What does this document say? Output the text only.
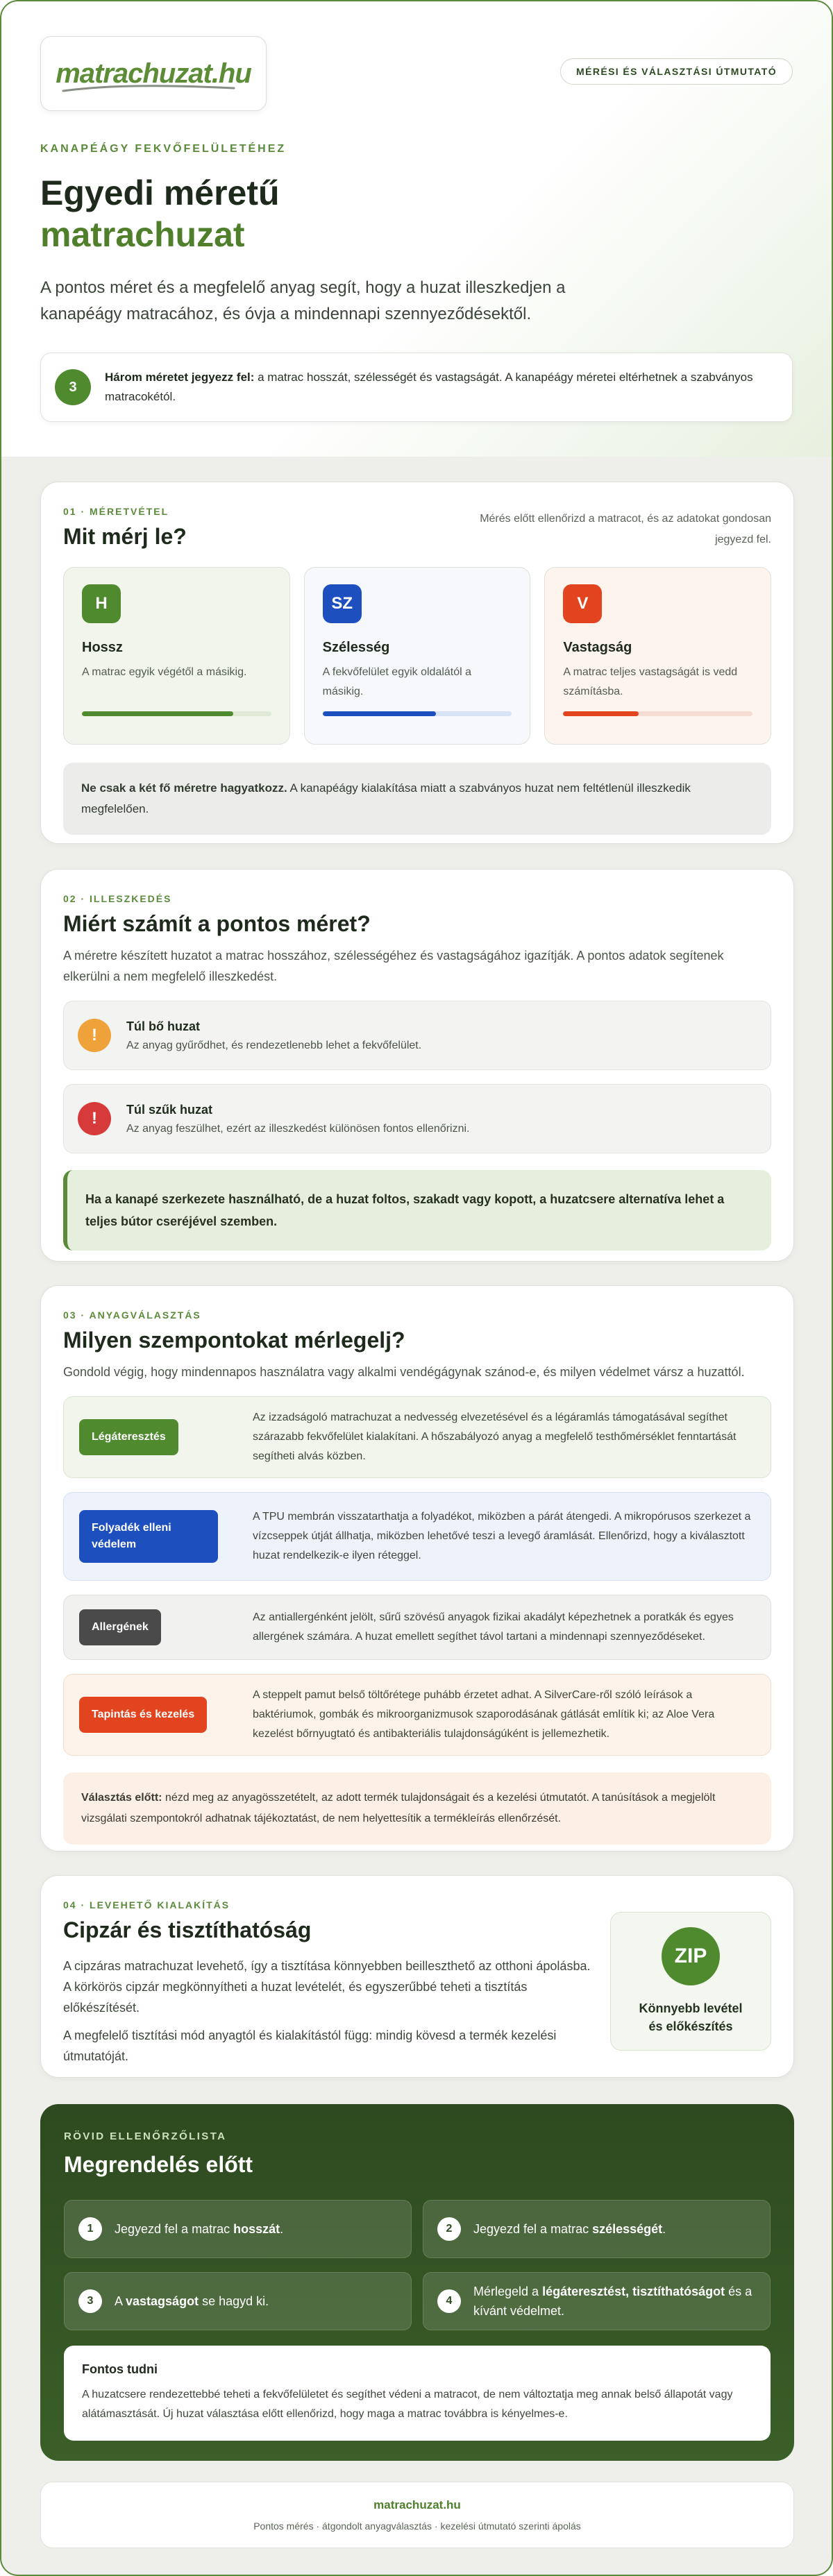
matrachuzat.hu	MÉRÉSI ÉS VÁLASZTÁSI ÚTMUTATÓ
KANAPÉÁGY FEKVŐFELÜLETÉHEZ
Egyedi méretű
matrachuzat

A pontos méret és a megfelelő anyag segít, hogy a huzat illeszkedjen a kanapéágy matracához, és óvja a mindennapi szennyeződésektől.

3
Három méretet jegyezz fel: a matrac hosszát, szélességét és vastagságát. A kanapéágy méretei eltérhetnek a szabványos matracokétól.
01 · MÉRETVÉTEL
Mit mérj le?
Mérés előtt ellenőrizd a matracot, és az adatokat gondosan jegyezd fel.
H
Hossz
A matrac egyik végétől a másikig.
SZ
Szélesség
A fekvőfelület egyik oldalától a másikig.
V
Vastagság
A matrac teljes vastagságát is vedd számításba.
Ne csak a két fő méretre hagyatkozz. A kanapéágy kialakítása miatt a szabványos huzat nem feltétlenül illeszkedik megfelelően.
02 · ILLESZKEDÉS
Miért számít a pontos méret?

A méretre készített huzatot a matrac hosszához, szélességéhez és vastagságához igazítják. A pontos adatok segítenek elkerülni a nem megfelelő illeszkedést.

!	Túl bő huzat
Az anyag gyűrődhet, és rendezetlenebb lehet a fekvőfelület.
!	Túl szűk huzat
Az anyag feszülhet, ezért az illeszkedést különösen fontos ellenőrizni.
Ha a kanapé szerkezete használható, de a huzat foltos, szakadt vagy kopott, a huzatcsere alternatíva lehet a teljes bútor cseréjével szemben.
03 · ANYAGVÁLASZTÁS
Milyen szempontokat mérlegelj?

Gondold végig, hogy mindennapos használatra vagy alkalmi vendégágynak szánod-e, és milyen védelmet vársz a huzattól.

Légáteresztés
Az izzadságoló matrachuzat a nedvesség elvezetésével és a légáramlás támogatásával segíthet szárazabb fekvőfelület kialakítani. A hőszabályozó anyag a megfelelő testhőmérséklet fenntartását segítheti alvás közben.
Folyadék elleni védelem
A TPU membrán visszatarthatja a folyadékot, miközben a párát átengedi. A mikropórusos szerkezet a vízcseppek útját állhatja, miközben lehetővé teszi a levegő áramlását. Ellenőrizd, hogy a kiválasztott huzat rendelkezik-e ilyen réteggel.
Allergének
Az antiallergénként jelölt, sűrű szövésű anyagok fizikai akadályt képezhetnek a poratkák és egyes allergének számára. A huzat emellett segíthet távol tartani a mindennapi szennyeződéseket.
Tapintás és kezelés
A steppelt pamut belső töltőrétege puhább érzetet adhat. A SilverCare-ről szóló leírások a baktériumok, gombák és mikroorganizmusok szaporodásának gátlását említik ki; az Aloe Vera kezelést bőrnyugtató és antibakteriális tulajdonságúként is jellemezhetik.
Választás előtt: nézd meg az anyagösszetételt, az adott termék tulajdonságait és a kezelési útmutatót. A tanúsítások a megjelölt vizsgálati szempontokról adhatnak tájékoztatást, de nem helyettesítik a termékleírás ellenőrzését.
04 · LEVEHETŐ KIALAKÍTÁS
Cipzár és tisztíthatóság

A cipzáras matrachuzat levehető, így a tisztítása könnyebben beilleszthető az otthoni ápolásba. A körkörös cipzár megkönnyítheti a huzat levételét, és egyszerűbbé teheti a tisztítás előkészítését.

A megfelelő tisztítási mód anyagtól és kialakítástól függ: mindig kövesd a termék kezelési útmutatóját.

ZIP
Könnyebb levétel
és előkészítés
RÖVID ELLENŐRZŐLISTA
Megrendelés előtt
1	Jegyezd fel a matrac hosszát.	2	Jegyezd fel a matrac szélességét.
3	A vastagságot se hagyd ki.	4
Mérlegeld a légáteresztést, tisztíthatóságot és a kívánt védelmet.
Fontos tudni
A huzatcsere rendezettebbé teheti a fekvőfelületet és segíthet védeni a matracot, de nem változtatja meg annak belső állapotát vagy alátámasztását. Új huzat választása előtt ellenőrizd, hogy maga a matrac továbbra is kényelmes-e.
matrachuzat.hu
Pontos mérés · átgondolt anyagválasztás · kezelési útmutató szerinti ápolás
